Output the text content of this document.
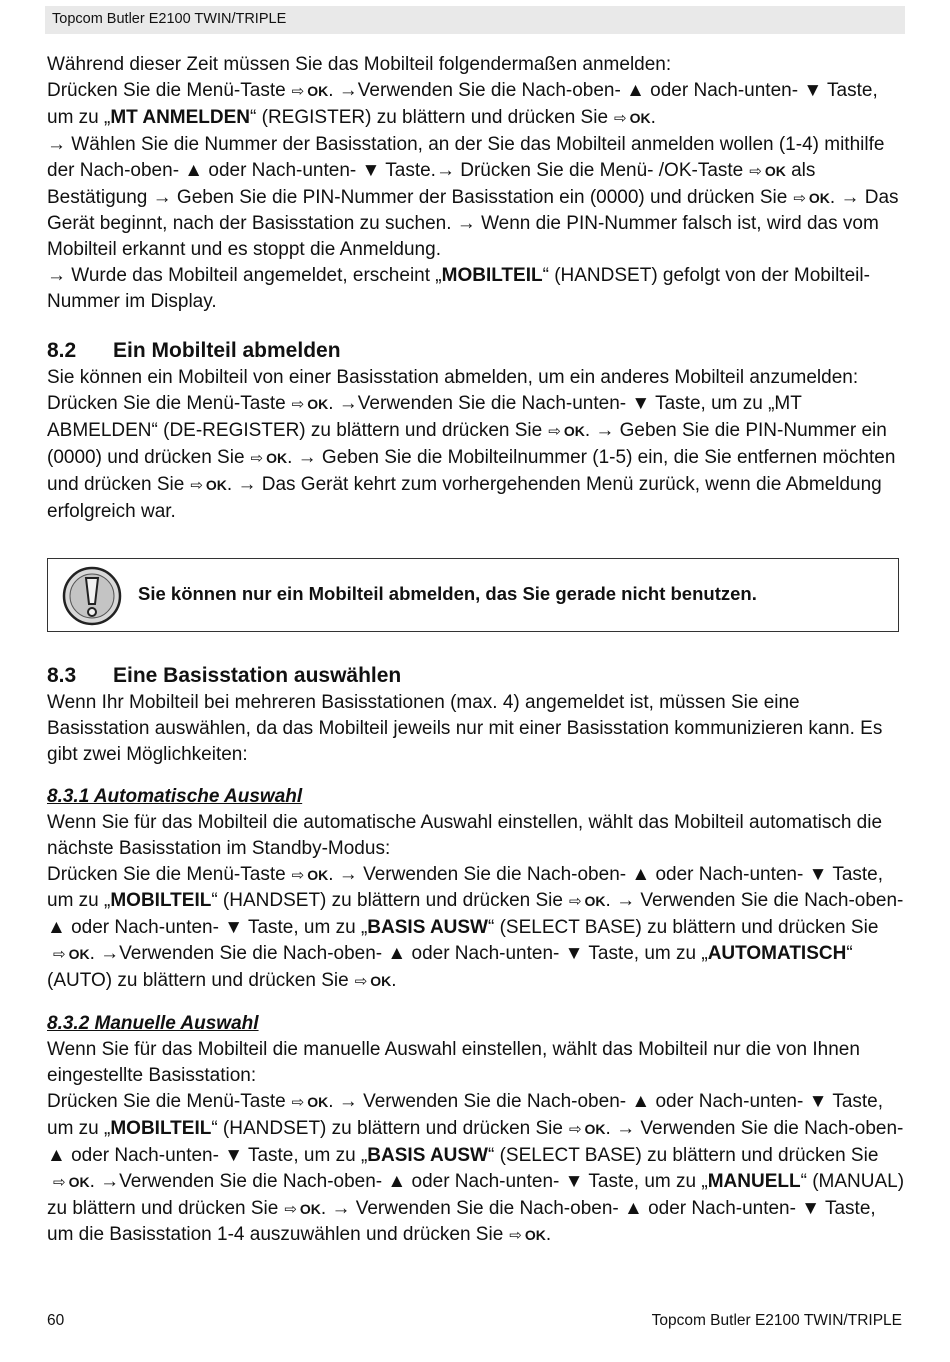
Topcom Butler E2100 TWIN/TRIPLE

Während dieser Zeit müssen Sie das Mobilteil folgendermaßen anmelden:
Drücken Sie die Menü-Taste ⇨ OK. →Verwenden Sie die Nach-oben- ▲ oder Nach-unten- ▼ Taste, um zu „MT ANMELDEN“ (REGISTER) zu blättern und drücken Sie ⇨ OK.
→ Wählen Sie die Nummer der Basisstation, an der Sie das Mobilteil anmelden wollen (1-4) mithilfe der Nach-oben- ▲ oder Nach-unten- ▼ Taste.→ Drücken Sie die Menü- /OK-Taste ⇨ OK als Bestätigung → Geben Sie die PIN-Nummer der Basisstation ein (0000) und drücken Sie ⇨ OK. → Das Gerät beginnt, nach der Basisstation zu suchen. → Wenn die PIN-Nummer falsch ist, wird das vom Mobilteil erkannt und es stoppt die Anmeldung.
→ Wurde das Mobilteil angemeldet, erscheint „MOBILTEIL“ (HANDSET) gefolgt von der Mobilteil-Nummer im Display.

8.2 Ein Mobilteil abmelden

Sie können ein Mobilteil von einer Basisstation abmelden, um ein anderes Mobilteil anzumelden:
Drücken Sie die Menü-Taste ⇨ OK. →Verwenden Sie die Nach-unten- ▼ Taste, um zu „MT ABMELDEN“ (DE-REGISTER) zu blättern und drücken Sie ⇨ OK. → Geben Sie die PIN-Nummer ein (0000) und drücken Sie ⇨ OK. → Geben Sie die Mobilteilnummer (1-5) ein, die Sie entfernen möchten und drücken Sie ⇨ OK. → Das Gerät kehrt zum vorhergehenden Menü zurück, wenn die Abmeldung erfolgreich war.

Sie können nur ein Mobilteil abmelden, das Sie gerade nicht benutzen.
8.3 Eine Basisstation auswählen

Wenn Ihr Mobilteil bei mehreren Basisstationen (max. 4) angemeldet ist, müssen Sie eine Basisstation auswählen, da das Mobilteil jeweils nur mit einer Basisstation kommunizieren kann. Es gibt zwei Möglichkeiten:

8.3.1 Automatische Auswahl

Wenn Sie für das Mobilteil die automatische Auswahl einstellen, wählt das Mobilteil automatisch die nächste Basisstation im Standby-Modus:
Drücken Sie die Menü-Taste ⇨ OK. → Verwenden Sie die Nach-oben- ▲ oder Nach-unten- ▼ Taste, um zu „MOBILTEIL“ (HANDSET) zu blättern und drücken Sie ⇨ OK. → Verwenden Sie die Nach-oben- ▲ oder Nach-unten- ▼ Taste, um zu „BASIS AUSW“ (SELECT BASE) zu blättern und drücken Sie⇨ OK. →Verwenden Sie die Nach-oben- ▲ oder Nach-unten- ▼ Taste, um zu „AUTOMATISCH“ (AUTO) zu blättern und drücken Sie ⇨ OK.

8.3.2 Manuelle Auswahl

Wenn Sie für das Mobilteil die manuelle Auswahl einstellen, wählt das Mobilteil nur die von Ihnen eingestellte Basisstation:
Drücken Sie die Menü-Taste ⇨ OK. → Verwenden Sie die Nach-oben- ▲ oder Nach-unten- ▼ Taste, um zu „MOBILTEIL“ (HANDSET) zu blättern und drücken Sie ⇨ OK. → Verwenden Sie die Nach-oben- ▲ oder Nach-unten- ▼ Taste, um zu „BASIS AUSW“ (SELECT BASE) zu blättern und drücken Sie⇨ OK. →Verwenden Sie die Nach-oben- ▲ oder Nach-unten- ▼ Taste, um zu „MANUELL“ (MANUAL) zu blättern und drücken Sie ⇨ OK. → Verwenden Sie die Nach-oben- ▲ oder Nach-unten- ▼ Taste, um die Basisstation 1-4 auszuwählen und drücken Sie ⇨ OK.

60	Topcom Butler E2100 TWIN/TRIPLE
